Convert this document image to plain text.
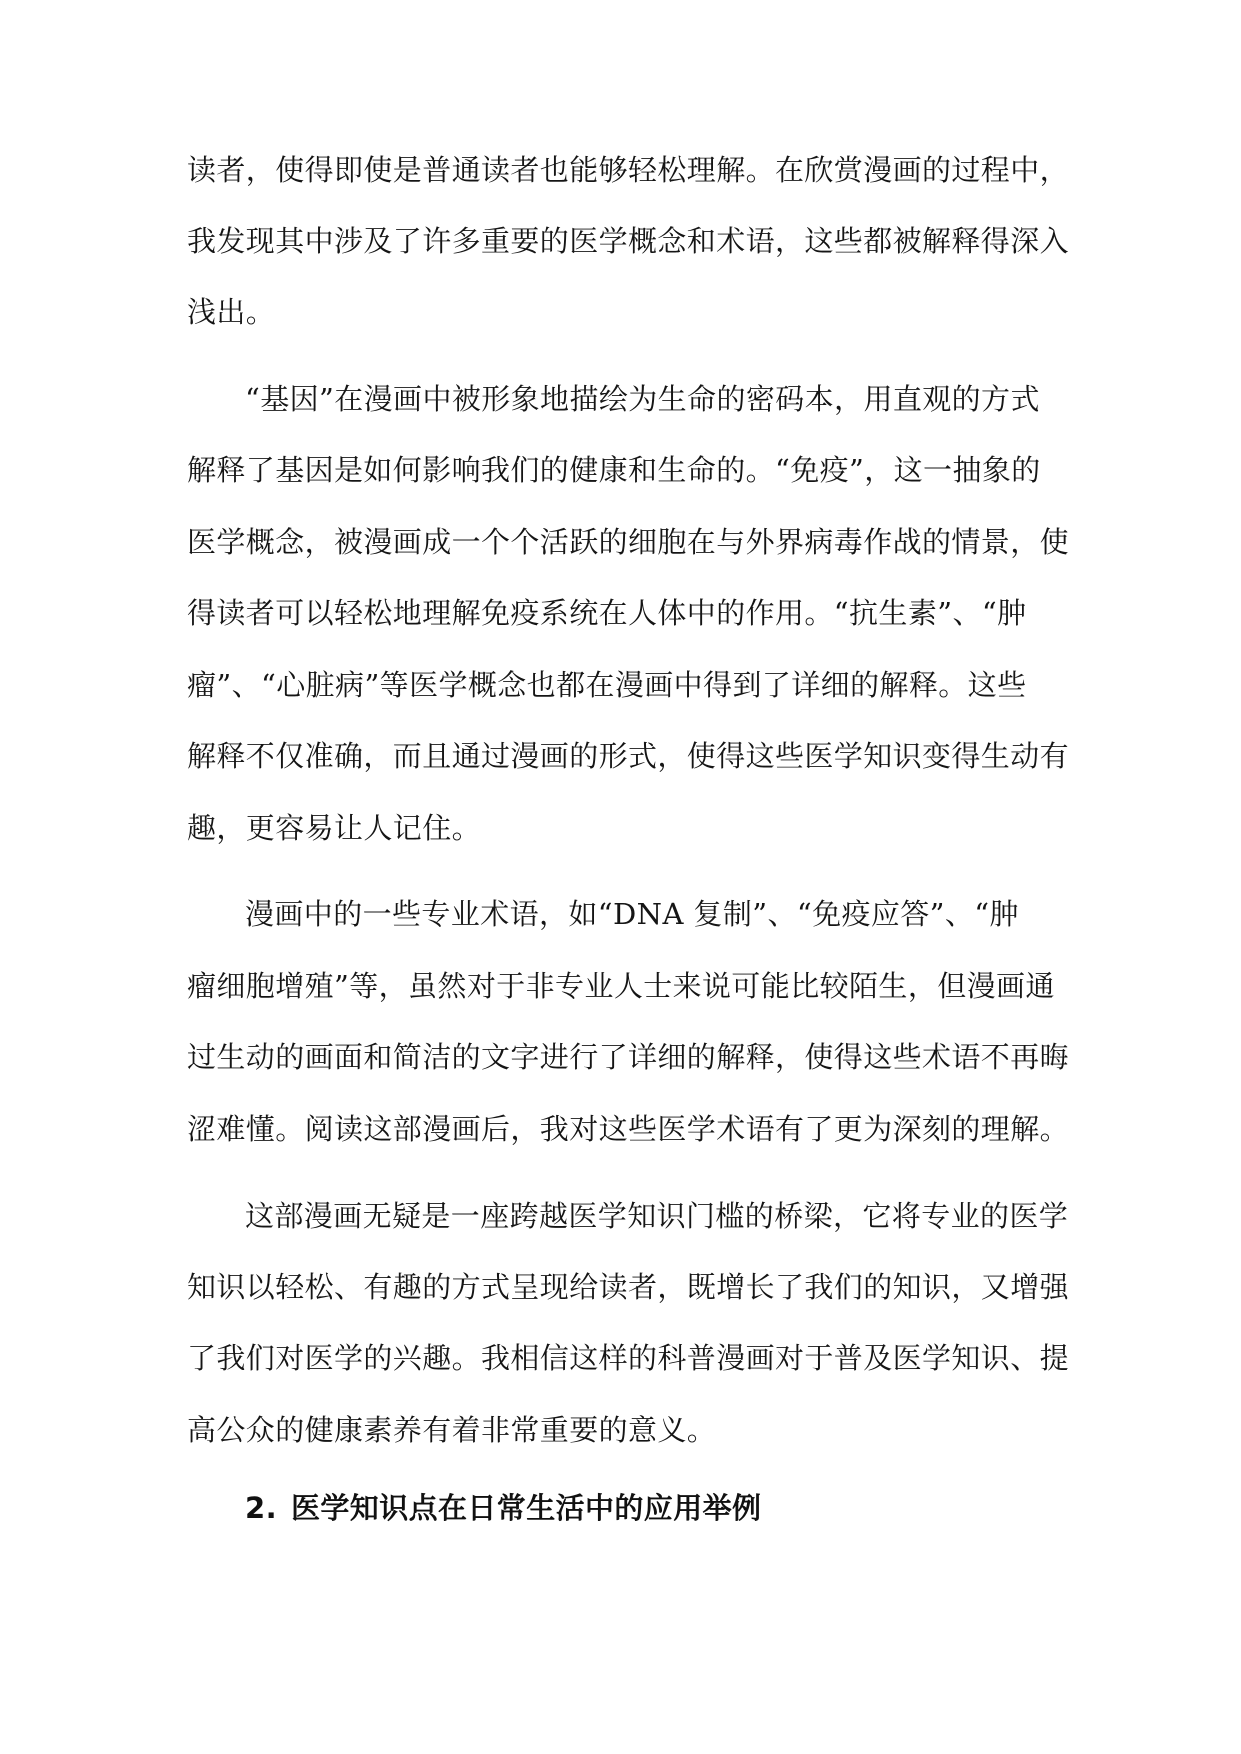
读者，使得即使是普通读者也能够轻松理解。在欣赏漫画的过程中，
我发现其中涉及了许多重要的医学概念和术语，这些都被解释得深入
浅出。
“基因”在漫画中被形象地描绘为生命的密码本，用直观的方式
解释了基因是如何影响我们的健康和生命的。“免疫”，这一抽象的
医学概念，被漫画成一个个活跃的细胞在与外界病毒作战的情景，使
得读者可以轻松地理解免疫系统在人体中的作用。“抗生素”、“肿
瘤”、“心脏病”等医学概念也都在漫画中得到了详细的解释。这些
解释不仅准确，而且通过漫画的形式，使得这些医学知识变得生动有
趣，更容易让人记住。
漫画中的一些专业术语，如“DNA 复制”、“免疫应答”、“肿
瘤细胞增殖”等，虽然对于非专业人士来说可能比较陌生，但漫画通
过生动的画面和简洁的文字进行了详细的解释，使得这些术语不再晦
涩难懂。阅读这部漫画后，我对这些医学术语有了更为深刻的理解。
这部漫画无疑是一座跨越医学知识门槛的桥梁，它将专业的医学
知识以轻松、有趣的方式呈现给读者，既增长了我们的知识，又增强
了我们对医学的兴趣。我相信这样的科普漫画对于普及医学知识、提
高公众的健康素养有着非常重要的意义。
2. 医学知识点在日常生活中的应用举例
